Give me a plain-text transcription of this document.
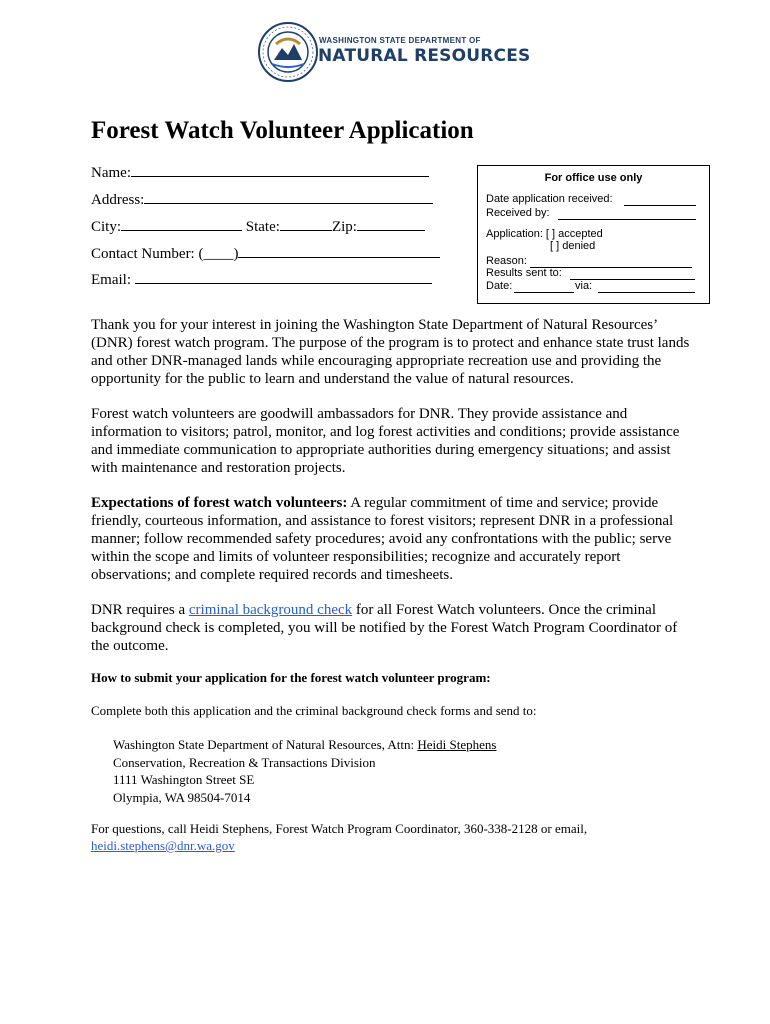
WASHINGTON STATE DEPARTMENT OF
NATURAL RESOURCES
Forest Watch Volunteer Application
Name:
Address:
City:	State:	Zip:
Contact Number: (____)
Email:
For office use only
Date application received:
Received by:
Application: [ ] accepted
[ ] denied
Reason:
Results sent to:
Date:	via:

Thank you for your interest in joining the Washington State Department of Natural Resources’ (DNR) forest watch program. The purpose of the program is to protect and enhance state trust lands and other DNR-managed lands while encouraging appropriate recreation use and providing the opportunity for the public to learn and understand the value of natural resources.

Forest watch volunteers are goodwill ambassadors for DNR. They provide assistance and information to visitors; patrol, monitor, and log forest activities and conditions; provide assistance and immediate communication to appropriate authorities during emergency situations; and assist with maintenance and restoration projects.

Expectations of forest watch volunteers: A regular commitment of time and service; provide friendly, courteous information, and assistance to forest visitors; represent DNR in a professional manner; follow recommended safety procedures; avoid any confrontations with the public; serve within the scope and limits of volunteer responsibilities; recognize and accurately report observations; and complete required records and timesheets.

DNR requires a criminal background check for all Forest Watch volunteers. Once the criminal background check is completed, you will be notified by the Forest Watch Program Coordinator of the outcome.

How to submit your application for the forest watch volunteer program:
Complete both this application and the criminal background check forms and send to:
Washington State Department of Natural Resources, Attn: Heidi Stephens
Conservation, Recreation & Transactions Division
1111 Washington Street SE
Olympia, WA 98504-7014
For questions, call Heidi Stephens, Forest Watch Program Coordinator, 360-338-2128 or email,
heidi.stephens@dnr.wa.gov
